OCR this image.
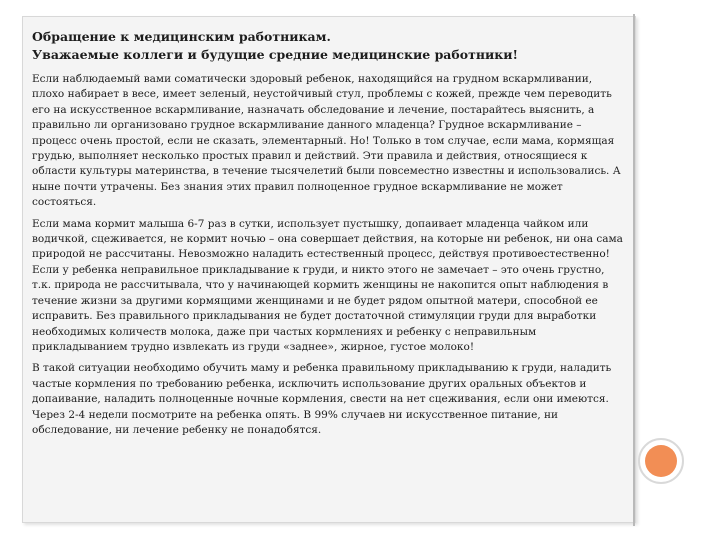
Обращение к медицинским работникам.

Уважаемые коллеги и будущие средние медицинские работники!

Если наблюдаемый вами соматически здоровый ребенок, находящийся на грудном вскармливании, плохо набирает в весе, имеет зеленый, неустойчивый стул, проблемы с кожей, прежде чем переводить его на искусственное вскармливание, назначать обследование и лечение, постарайтесь выяснить, а правильно ли организовано грудное вскармливание данного младенца? Грудное вскармливание – процесс очень простой, если не сказать, элементарный. Но! Только в том случае, если мама, кормящая грудью, выполняет несколько простых правил и действий. Эти правила и действия, относящиеся к области культуры материнства, в течение тысячелетий были повсеместно известны и использовались. А ныне почти утрачены. Без знания этих правил полноценное грудное вскармливание не может состояться.

Если мама кормит малыша 6-7 раз в сутки, использует пустышку, допаивает младенца чайком или водичкой, сцеживается, не кормит ночью – она совершает действия, на которые ни ребенок, ни она сама природой не рассчитаны. Невозможно наладить естественный процесс, действуя противоестественно! Если у ребенка неправильное прикладывание к груди, и никто этого не замечает – это очень грустно, т.к. природа не рассчитывала, что у начинающей кормить женщины не накопится опыт наблюдения в течение жизни за другими кормящими женщинами и не будет рядом опытной матери, способной ее исправить. Без правильного прикладывания не будет достаточной стимуляции груди для выработки необходимых количеств молока, даже при частых кормлениях и ребенку с неправильным прикладыванием трудно извлекать из груди «заднее», жирное, густое молоко!

В такой ситуации необходимо обучить маму и ребенка правильному прикладыванию к груди, наладить частые кормления по требованию ребенка, исключить использование других оральных объектов и допаивание, наладить полноценные ночные кормления, свести на нет сцеживания, если они имеются. Через 2-4 недели посмотрите на ребенка опять. В 99% случаев ни искусственное питание, ни обследование, ни лечение ребенку не понадобятся.
